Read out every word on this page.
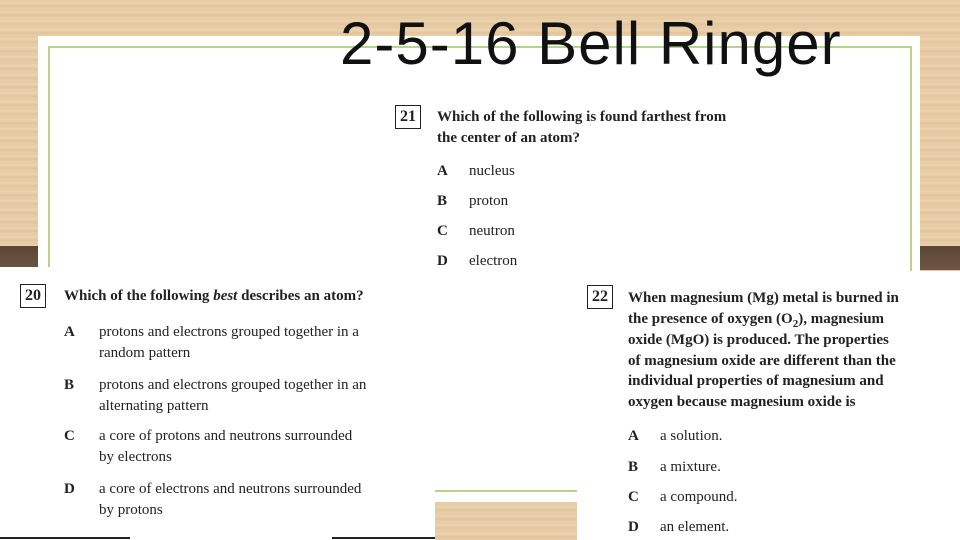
2-5-16 Bell Ringer
21	Which of the following is found farthest from
the center of an atom?
A nucleus
B proton
C neutron
D electron
20	Which of the following best describes an atom?
A protons and electrons grouped together in a
random pattern
B protons and electrons grouped together in an
alternating pattern
C a core of protons and neutrons surrounded
by electrons
D a core of electrons and neutrons surrounded
by protons
22	When magnesium (Mg) metal is burned in
the presence of oxygen $(O_2)$, magnesium
oxide (MgO) is produced. The properties
of magnesium oxide are different than the
individual properties of magnesium and
oxygen because magnesium oxide is
A a solution.
B a mixture.
C a compound.
D an element.
